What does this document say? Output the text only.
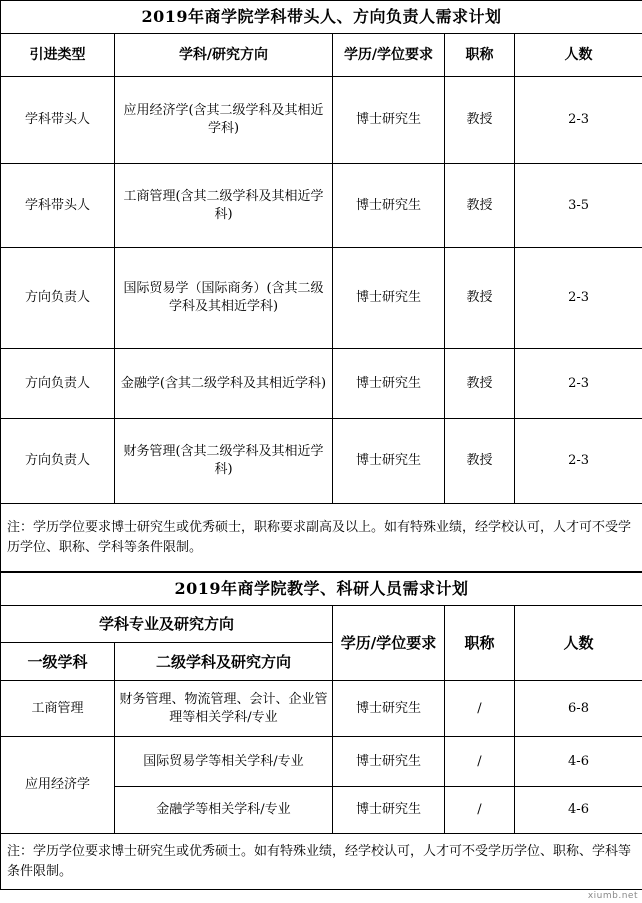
2019年商学院学科带头人、方向负责人需求计划				
引进类型	学科/研究方向	学历/学位要求	职称	人数
学科带头人	应用经济学(含其二级学科及其相近学科)	博士研究生	教授	2-3
学科带头人	工商管理(含其二级学科及其相近学科)	博士研究生	教授	3-5
方向负责人	国际贸易学（国际商务）(含其二级学科及其相近学科)	博士研究生	教授	2-3
方向负责人	金融学(含其二级学科及其相近学科)	博士研究生	教授	2-3
方向负责人	财务管理(含其二级学科及其相近学科)	博士研究生	教授	2-3
注：学历学位要求博士研究生或优秀硕士，职称要求副高及以上。如有特殊业绩，经学校认可，人才可不受学历学位、职称、学科等条件限制。				
2019年商学院教学、科研人员需求计划				
学科专业及研究方向		学历/学位要求	职称	人数
一级学科	二级学科及研究方向			
工商管理	财务管理、物流管理、会计、企业管理等相关学科/专业	博士研究生	/	6-8
应用经济学	国际贸易学等相关学科/专业	博士研究生	/	4-6
	金融学等相关学科/专业	博士研究生	/	4-6
注：学历学位要求博士研究生或优秀硕士。如有特殊业绩，经学校认可，人才可不受学历学位、职称、学科等条件限制。				
xiumb.net
